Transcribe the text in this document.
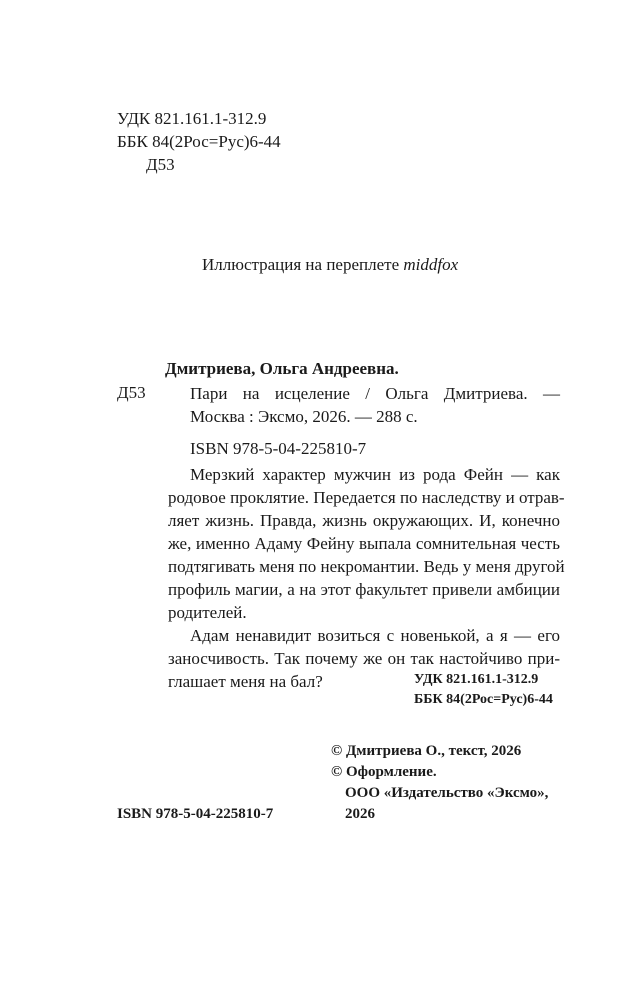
УДК 821.161.1-312.9
ББК 84(2Рос=Рус)6-44
Д53
Иллюстрация на переплете middfox
Дмитриева, Ольга Андреевна.
Д53	Пари на исцеление / Ольга Дмитриева. —
Москва : Эксмо, 2026. — 288 с.
ISBN 978-5-04-225810-7
Мерзкий характер мужчин из рода Фейн — как
родовое проклятие. Передается по наследству и отрав-
ляет жизнь. Правда, жизнь окружающих. И, конечно
же, именно Адаму Фейну выпала сомнительная честь
подтягивать меня по некромантии. Ведь у меня другой
профиль магии, а на этот факультет привели амбиции
родителей.
Адам ненавидит возиться с новенькой, а я — его
заносчивость. Так почему же он так настойчиво при-
глашает меня на бал?	УДК 821.161.1-312.9
ББК 84(2Рос=Рус)6-44
© Дмитриева О., текст, 2026
© Оформление.
ООО «Издательство «Эксмо»,
2026
ISBN 978-5-04-225810-7
